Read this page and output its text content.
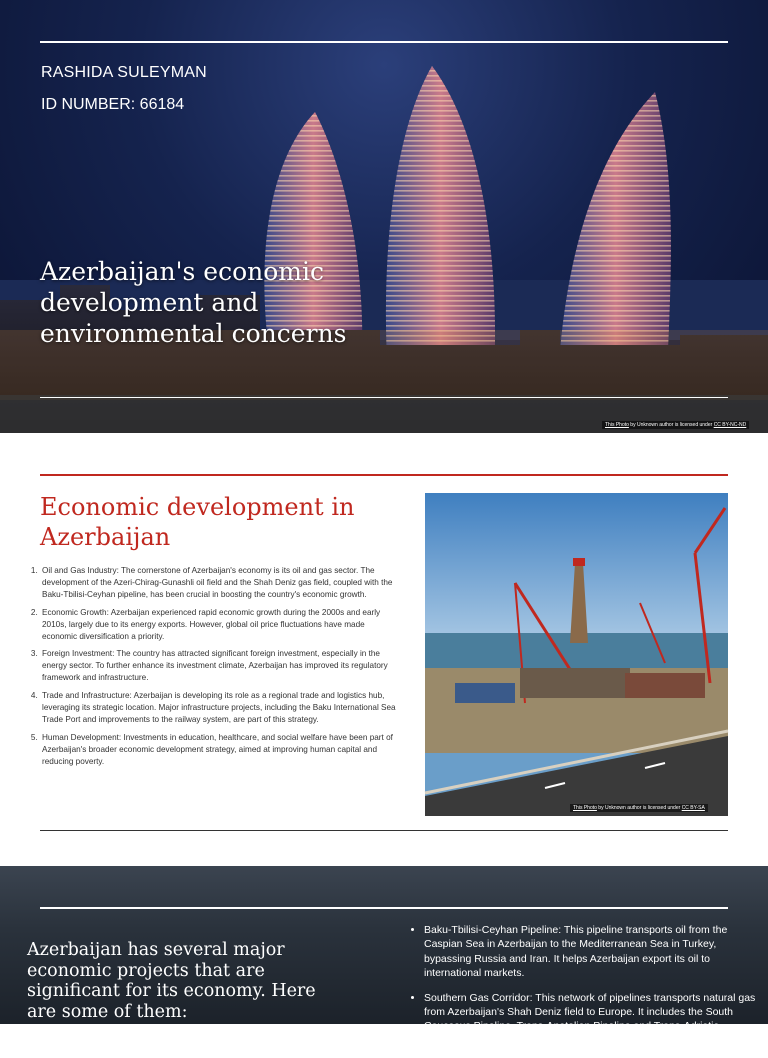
RASHIDA SULEYMAN
ID NUMBER: 66184
Azerbaijan's economic development and environmental concerns
This Photo by Unknown author is licensed under CC BY-NC-ND
Economic development in Azerbaijan
1. Oil and Gas Industry: The cornerstone of Azerbaijan's economy is its oil and gas sector. The development of the Azeri-Chirag-Gunashli oil field and the Shah Deniz gas field, coupled with the Baku-Tbilisi-Ceyhan pipeline, has been crucial in boosting the country's economic growth.
2. Economic Growth: Azerbaijan experienced rapid economic growth during the 2000s and early 2010s, largely due to its energy exports. However, global oil price fluctuations have made economic diversification a priority.
3. Foreign Investment: The country has attracted significant foreign investment, especially in the energy sector. To further enhance its investment climate, Azerbaijan has improved its regulatory framework and infrastructure.
4. Trade and Infrastructure: Azerbaijan is developing its role as a regional trade and logistics hub, leveraging its strategic location. Major infrastructure projects, including the Baku International Sea Trade Port and improvements to the railway system, are part of this strategy.
5. Human Development: Investments in education, healthcare, and social welfare have been part of Azerbaijan's broader economic development strategy, aimed at improving human capital and reducing poverty.
This Photo by Unknown author is licensed under CC BY-SA
Azerbaijan has several major economic projects that are significant for its economy. Here are some of them:
• Baku-Tbilisi-Ceyhan Pipeline: This pipeline transports oil from the Caspian Sea in Azerbaijan to the Mediterranean Sea in Turkey, bypassing Russia and Iran. It helps Azerbaijan export its oil to international markets.
• Southern Gas Corridor: This network of pipelines transports natural gas from Azerbaijan's Shah Deniz field to Europe. It includes the South Caucasus Pipeline, Trans-Anatolian Pipeline and Trans-Adriatic Pipeline.
